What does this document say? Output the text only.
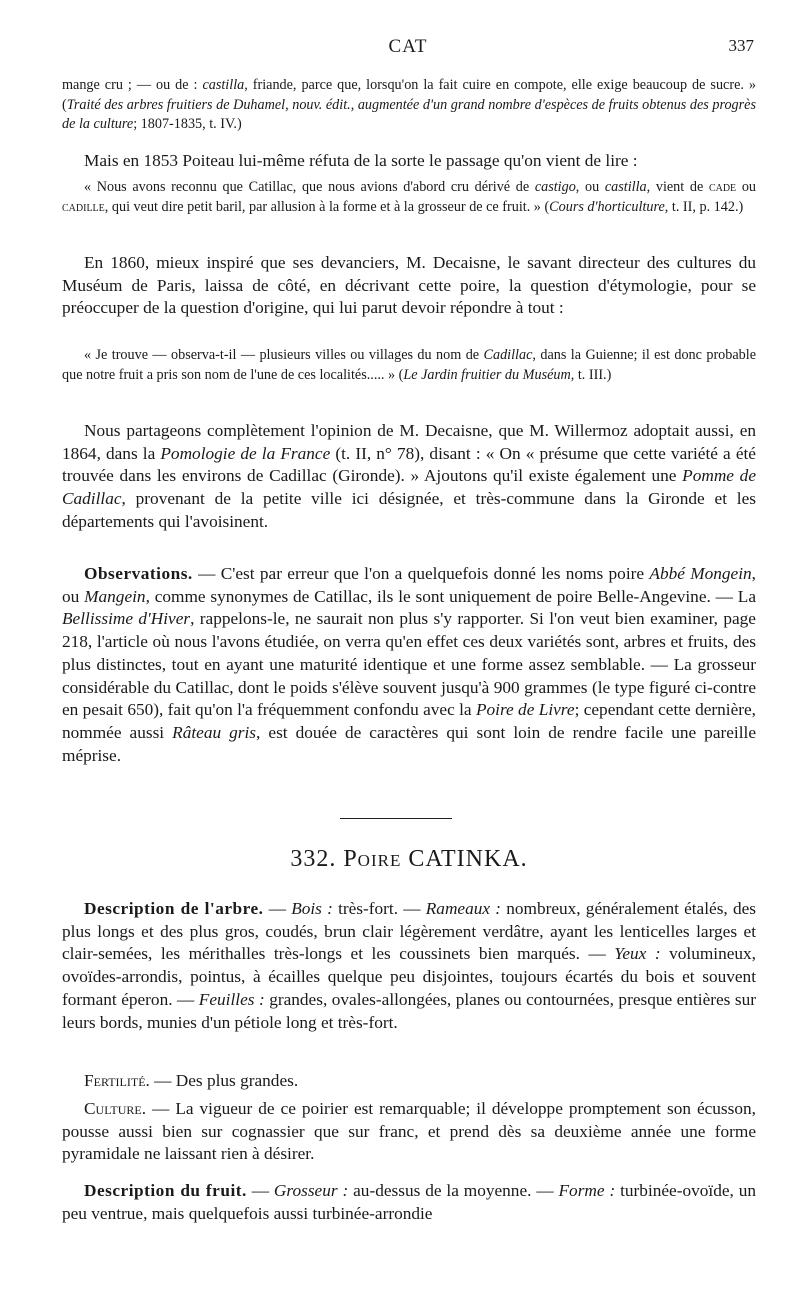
CAT	337
mange cru ; — ou de : castilla, friande, parce que, lorsqu'on la fait cuire en compote, elle exige beaucoup de sucre. » (Traité des arbres fruitiers de Duhamel, nouv. édit., augmentée d'un grand nombre d'espèces de fruits obtenus des progrès de la culture; 1807-1835, t. IV.)
Mais en 1853 Poiteau lui-même réfuta de la sorte le passage qu'on vient de lire :
« Nous avons reconnu que Catillac, que nous avions d'abord cru dérivé de castigo, ou castilla, vient de cade ou cadille, qui veut dire petit baril, par allusion à la forme et à la grosseur de ce fruit. » (Cours d'horticulture, t. II, p. 142.)
En 1860, mieux inspiré que ses devanciers, M. Decaisne, le savant directeur des cultures du Muséum de Paris, laissa de côté, en décrivant cette poire, la question d'étymologie, pour se préoccuper de la question d'origine, qui lui parut devoir répondre à tout :
« Je trouve — observa-t-il — plusieurs villes ou villages du nom de Cadillac, dans la Guienne; il est donc probable que notre fruit a pris son nom de l'une de ces localités..... » (Le Jardin fruitier du Muséum, t. III.)
Nous partageons complètement l'opinion de M. Decaisne, que M. Willermoz adoptait aussi, en 1864, dans la Pomologie de la France (t. II, n° 78), disant : « On « présume que cette variété a été trouvée dans les environs de Cadillac (Gironde). » Ajoutons qu'il existe également une Pomme de Cadillac, provenant de la petite ville ici désignée, et très-commune dans la Gironde et les départements qui l'avoisinent.
Observations. — C'est par erreur que l'on a quelquefois donné les noms poire Abbé Mongein, ou Mangein, comme synonymes de Catillac, ils le sont uniquement de poire Belle-Angevine. — La Bellissime d'Hiver, rappelons-le, ne saurait non plus s'y rapporter. Si l'on veut bien examiner, page 218, l'article où nous l'avons étudiée, on verra qu'en effet ces deux variétés sont, arbres et fruits, des plus distinctes, tout en ayant une maturité identique et une forme assez semblable. — La grosseur considérable du Catillac, dont le poids s'élève souvent jusqu'à 900 grammes (le type figuré ci-contre en pesait 650), fait qu'on l'a fréquemment confondu avec la Poire de Livre; cependant cette dernière, nommée aussi Râteau gris, est douée de caractères qui sont loin de rendre facile une pareille méprise.
332. Poire CATINKA.
Description de l'arbre. — Bois : très-fort. — Rameaux : nombreux, généralement étalés, des plus longs et des plus gros, coudés, brun clair légèrement verdâtre, ayant les lenticelles larges et clair-semées, les mérithalles très-longs et les coussinets bien marqués. — Yeux : volumineux, ovoïdes-arrondis, pointus, à écailles quelque peu disjointes, toujours écartés du bois et souvent formant éperon. — Feuilles : grandes, ovales-allongées, planes ou contournées, presque entières sur leurs bords, munies d'un pétiole long et très-fort.
Fertilité. — Des plus grandes.
Culture. — La vigueur de ce poirier est remarquable; il développe promptement son écusson, pousse aussi bien sur cognassier que sur franc, et prend dès sa deuxième année une forme pyramidale ne laissant rien à désirer.
Description du fruit. — Grosseur : au-dessus de la moyenne. — Forme : turbinée-ovoïde, un peu ventrue, mais quelquefois aussi turbinée-arrondie
